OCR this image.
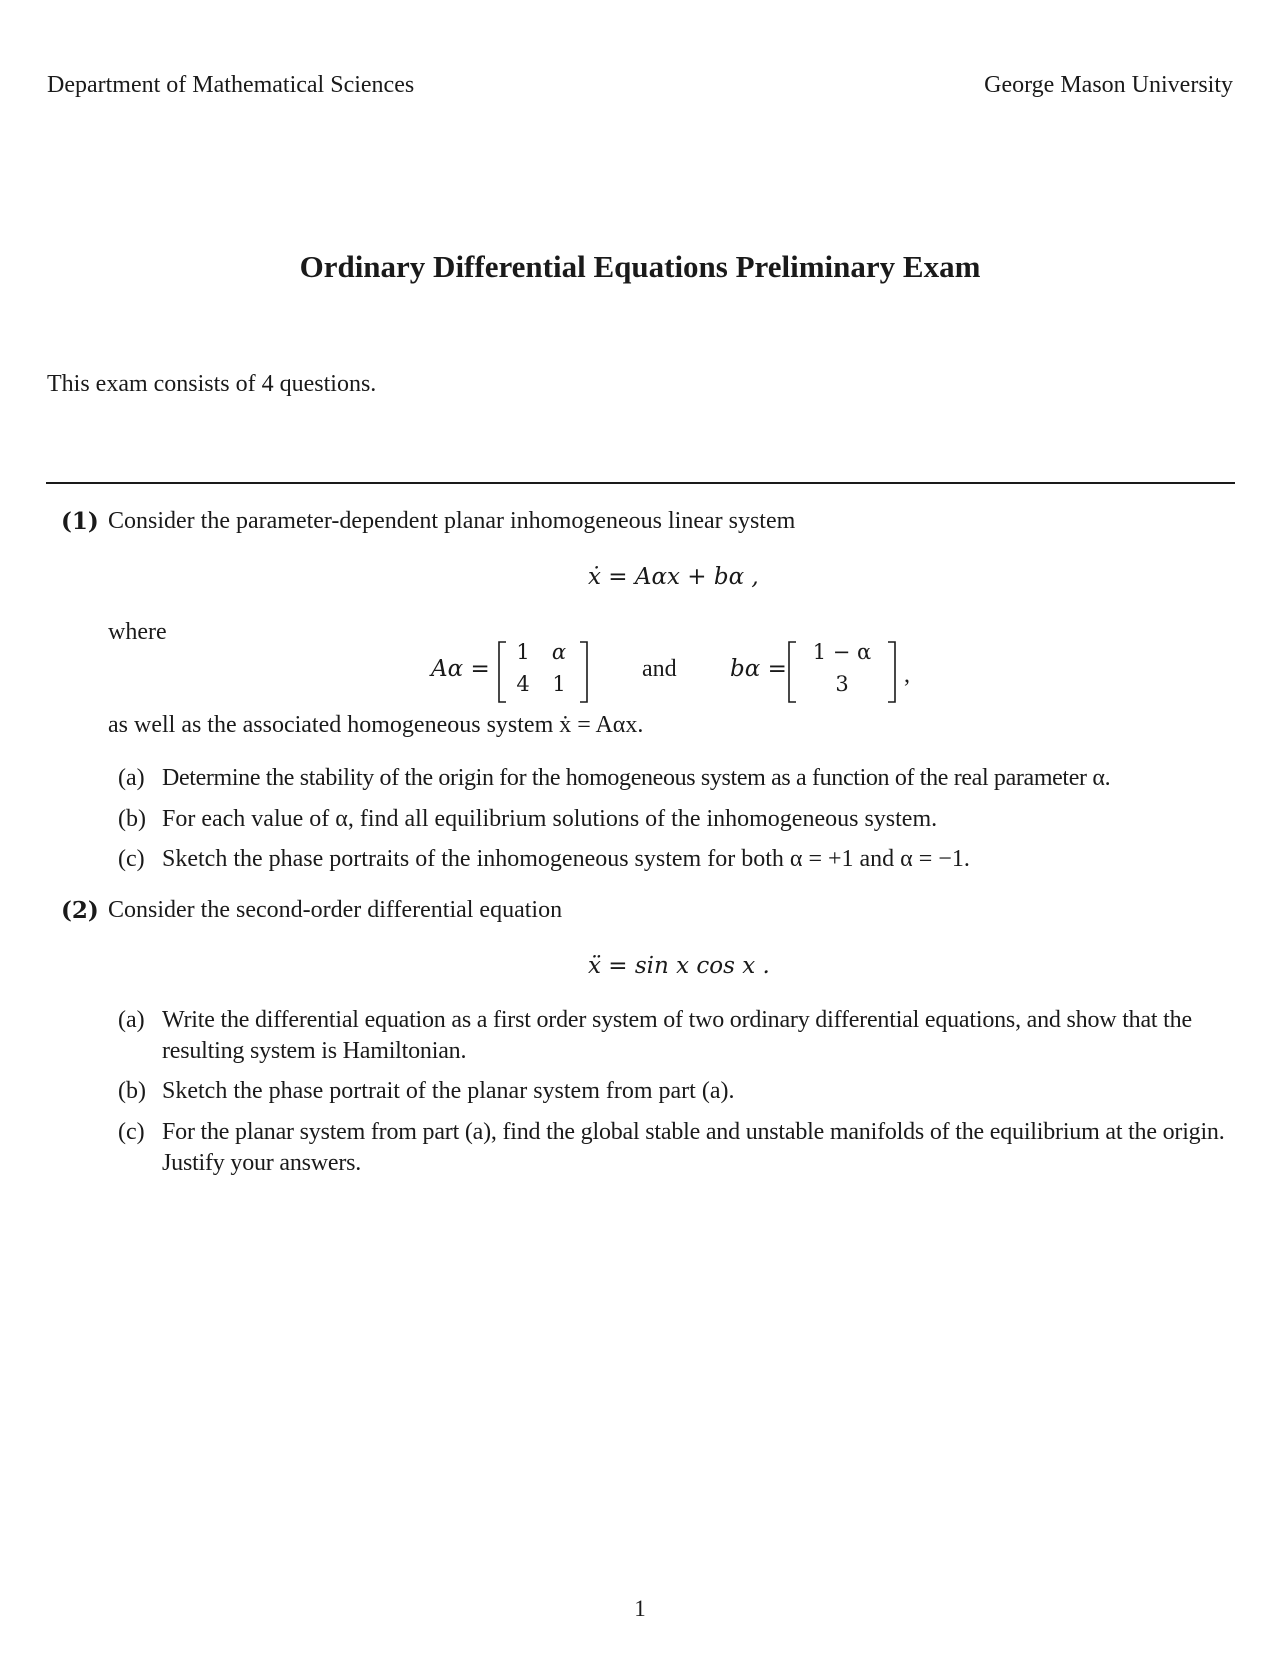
Department of Mathematical Sciences	George Mason University
Ordinary Differential Equations Preliminary Exam
This exam consists of 4 questions.
(1) Consider the parameter-dependent planar inhomogeneous linear system
ẋ = Aαx + bα ,
where
Aα =
1	α
4	1
and bα =
1 − α
3	,
as well as the associated homogeneous system ẋ = Aαx.
(a) Determine the stability of the origin for the homogeneous system as a function of the real parameter α.
(b) For each value of α, find all equilibrium solutions of the inhomogeneous system.
(c) Sketch the phase portraits of the inhomogeneous system for both α = +1 and α = −1.
(2) Consider the second-order differential equation
ẍ = sin x cos x .
(a) Write the differential equation as a first order system of two ordinary differential equations, and show that the resulting system is Hamiltonian.
(b) Sketch the phase portrait of the planar system from part (a).
(c) For the planar system from part (a), find the global stable and unstable manifolds of the equilibrium at the origin. Justify your answers.
1
